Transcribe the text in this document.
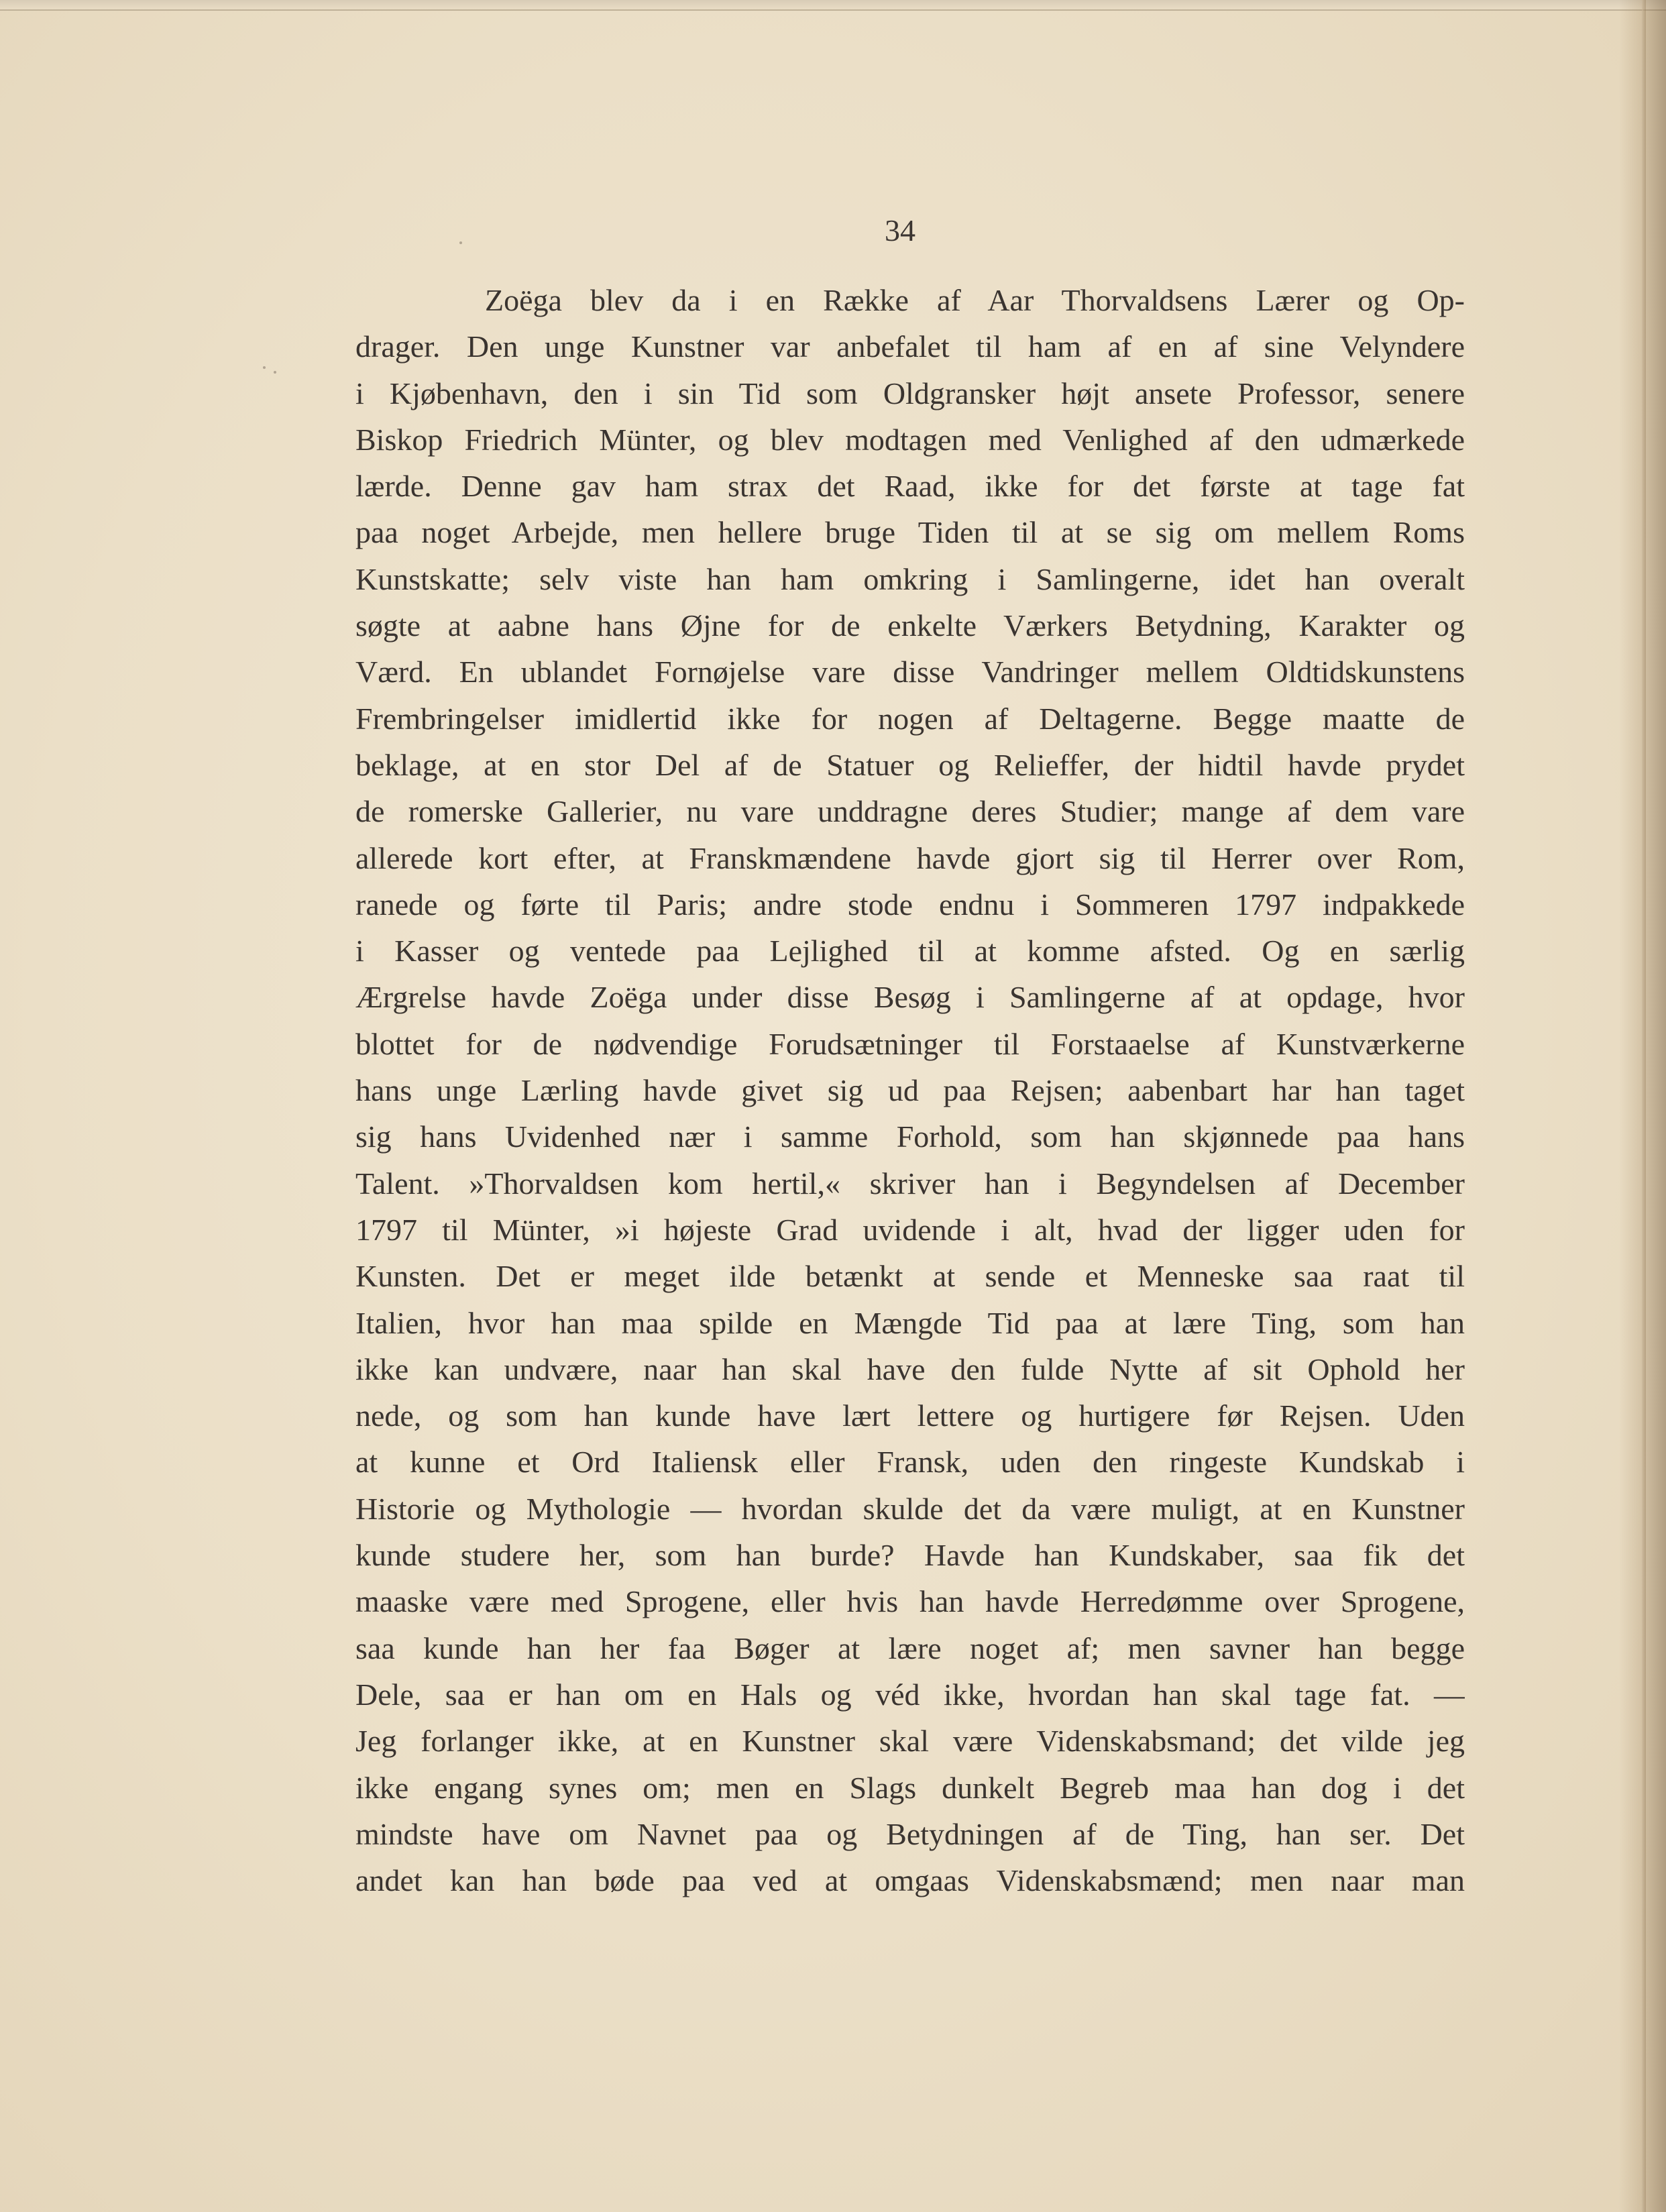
34
Zoëga blev da i en Række af Aar Thorvaldsens Lærer og Op-
drager. Den unge Kunstner var anbefalet til ham af en af sine Velyndere
i Kjøbenhavn, den i sin Tid som Oldgransker højt ansete Professor, senere
Biskop Friedrich Münter, og blev modtagen med Venlighed af den udmærkede
lærde. Denne gav ham strax det Raad, ikke for det første at tage fat
paa noget Arbejde, men hellere bruge Tiden til at se sig om mellem Roms
Kunstskatte; selv viste han ham omkring i Samlingerne, idet han overalt
søgte at aabne hans Øjne for de enkelte Værkers Betydning, Karakter og
Værd. En ublandet Fornøjelse vare disse Vandringer mellem Oldtidskunstens
Frembringelser imidlertid ikke for nogen af Deltagerne. Begge maatte de
beklage, at en stor Del af de Statuer og Relieffer, der hidtil havde prydet
de romerske Gallerier, nu vare unddragne deres Studier; mange af dem vare
allerede kort efter, at Franskmændene havde gjort sig til Herrer over Rom,
ranede og førte til Paris; andre stode endnu i Sommeren 1797 indpakkede
i Kasser og ventede paa Lejlighed til at komme afsted. Og en særlig
Ærgrelse havde Zoëga under disse Besøg i Samlingerne af at opdage, hvor
blottet for de nødvendige Forudsætninger til Forstaaelse af Kunstværkerne
hans unge Lærling havde givet sig ud paa Rejsen; aabenbart har han taget
sig hans Uvidenhed nær i samme Forhold, som han skjønnede paa hans
Talent. »Thorvaldsen kom hertil,« skriver han i Begyndelsen af December
1797 til Münter, »i højeste Grad uvidende i alt, hvad der ligger uden for
Kunsten. Det er meget ilde betænkt at sende et Menneske saa raat til
Italien, hvor han maa spilde en Mængde Tid paa at lære Ting, som han
ikke kan undvære, naar han skal have den fulde Nytte af sit Ophold her
nede, og som han kunde have lært lettere og hurtigere før Rejsen. Uden
at kunne et Ord Italiensk eller Fransk, uden den ringeste Kundskab i
Historie og Mythologie — hvordan skulde det da være muligt, at en Kunstner
kunde studere her, som han burde? Havde han Kundskaber, saa fik det
maaske være med Sprogene, eller hvis han havde Herredømme over Sprogene,
saa kunde han her faa Bøger at lære noget af; men savner han begge
Dele, saa er han om en Hals og véd ikke, hvordan han skal tage fat. —
Jeg forlanger ikke, at en Kunstner skal være Videnskabsmand; det vilde jeg
ikke engang synes om; men en Slags dunkelt Begreb maa han dog i det
mindste have om Navnet paa og Betydningen af de Ting, han ser. Det
andet kan han bøde paa ved at omgaas Videnskabsmænd; men naar man
